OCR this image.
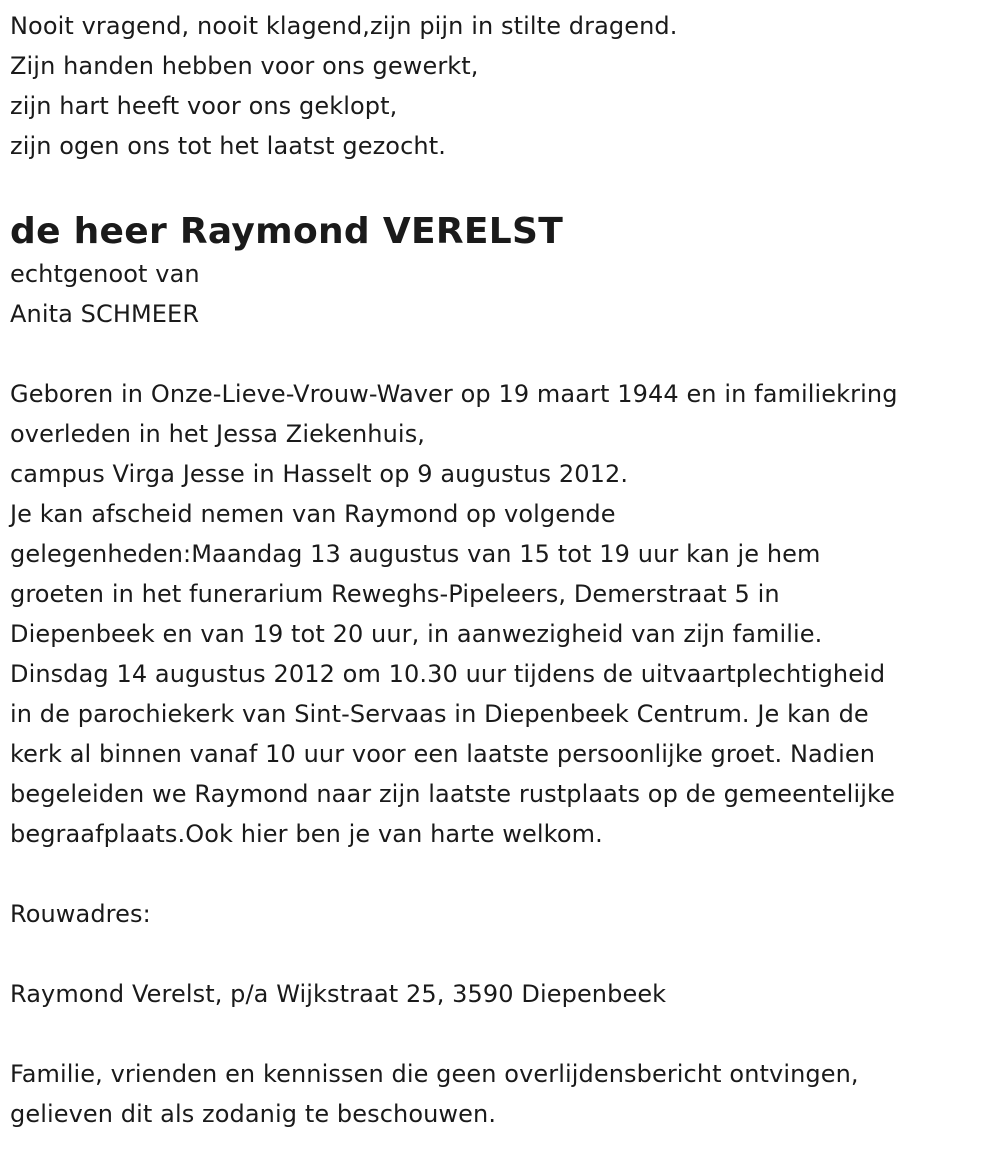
Nooit vragend, nooit klagend,zijn pijn in stilte dragend.
Zijn handen hebben voor ons gewerkt,
zijn hart heeft voor ons geklopt,
zijn ogen ons tot het laatst gezocht.
de heer Raymond VERELST
echtgenoot van
Anita SCHMEER
Geboren in Onze-Lieve-Vrouw-Waver op 19 maart 1944 en in familiekring
overleden in het Jessa Ziekenhuis,
campus Virga Jesse in Hasselt op 9 augustus 2012.
Je kan afscheid nemen van Raymond op volgende
gelegenheden:Maandag 13 augustus van 15 tot 19 uur kan je hem
groeten in het funerarium Reweghs-Pipeleers, Demerstraat 5 in
Diepenbeek en van 19 tot 20 uur, in aanwezigheid van zijn familie.
Dinsdag 14 augustus 2012 om 10.30 uur tijdens de uitvaartplechtigheid
in de parochiekerk van Sint-Servaas in Diepenbeek Centrum. Je kan de
kerk al binnen vanaf 10 uur voor een laatste persoonlijke groet. Nadien
begeleiden we Raymond naar zijn laatste rustplaats op de gemeentelijke
begraafplaats.Ook hier ben je van harte welkom.
Rouwadres:
Raymond Verelst, p/a Wijkstraat 25, 3590 Diepenbeek
Familie, vrienden en kennissen die geen overlijdensbericht ontvingen,
gelieven dit als zodanig te beschouwen.
